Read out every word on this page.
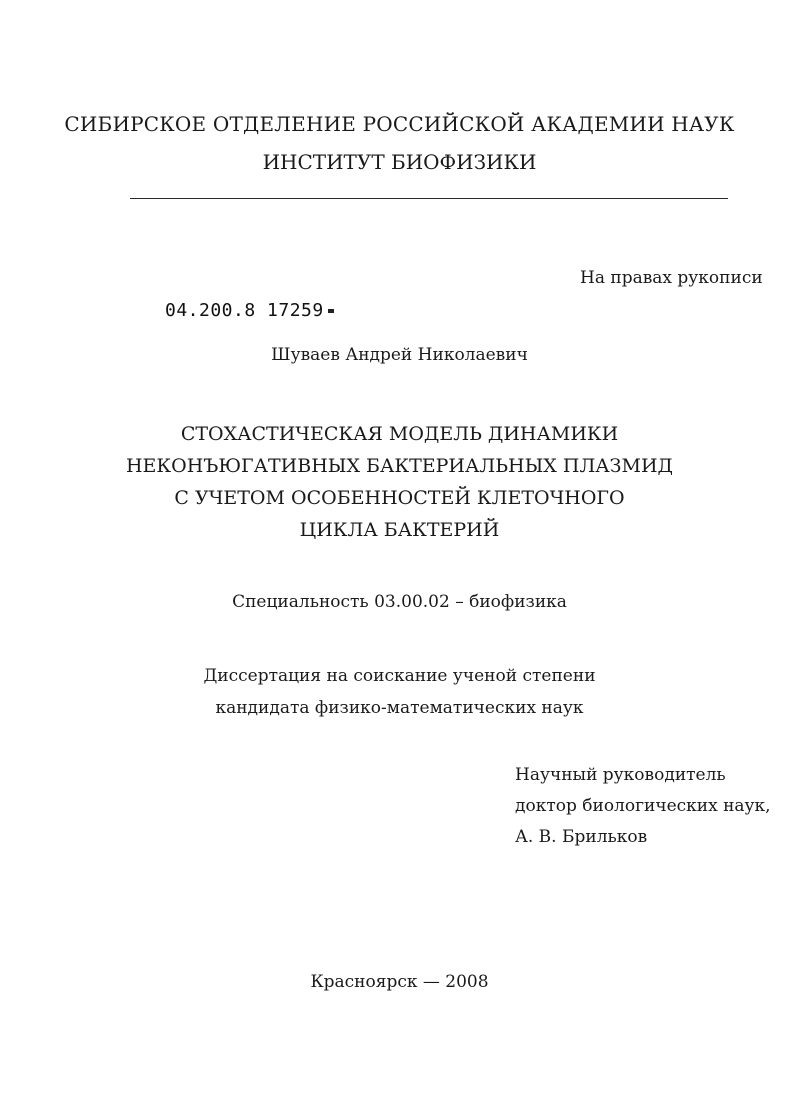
СИБИРСКОЕ ОТДЕЛЕНИЕ РОССИЙСКОЙ АКАДЕМИИ НАУК
ИНСТИТУТ БИОФИЗИКИ
На правах рукописи
04.200.8 17259
Шуваев Андрей Николаевич
СТОХАСТИЧЕСКАЯ МОДЕЛЬ ДИНАМИКИ
НЕКОНЪЮГАТИВНЫХ БАКТЕРИАЛЬНЫХ ПЛАЗМИД
С УЧЕТОМ ОСОБЕННОСТЕЙ КЛЕТОЧНОГО
ЦИКЛА БАКТЕРИЙ
Специальность 03.00.02 – биофизика
Диссертация на соискание ученой степени
кандидата физико-математических наук
Научный руководитель
доктор биологических наук,
А. В. Брильков
Красноярск — 2008
